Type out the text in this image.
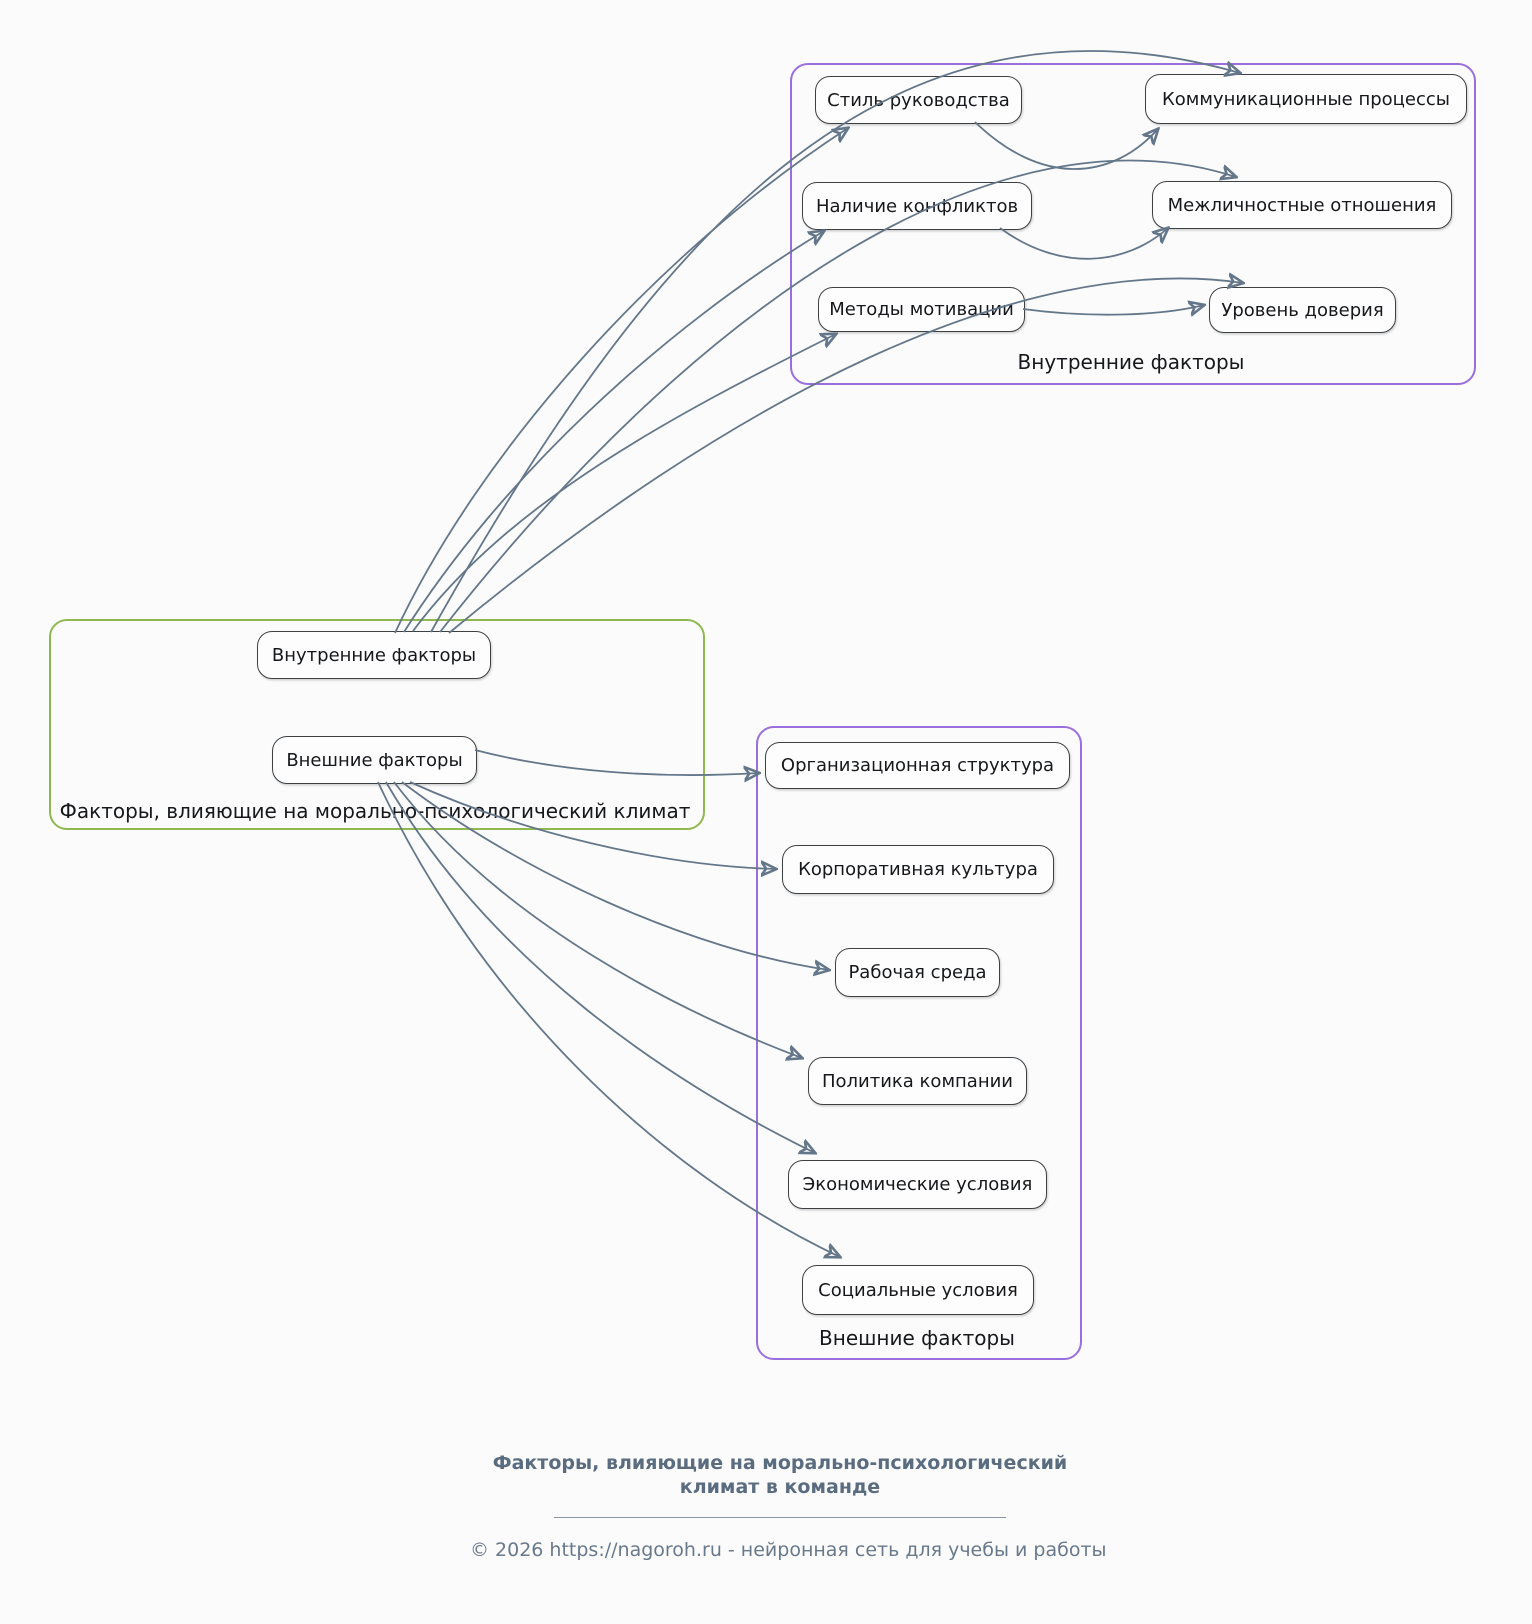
Факторы, влияющие на морально-психологический климат
Внутренние факторы
Внешние факторы
Внутренние факторы
Стиль руководства	Коммуникационные процессы
Наличие конфликтов	Межличностные отношения
Методы мотивации	Уровень доверия
Внешние факторы
Организационная структура
Корпоративная культура
Рабочая среда
Политика компании
Экономические условия
Социальные условия
Факторы, влияющие на морально-психологический климат в команде
© 2026 https://nagoroh.ru - нейронная сеть для учебы и работы
